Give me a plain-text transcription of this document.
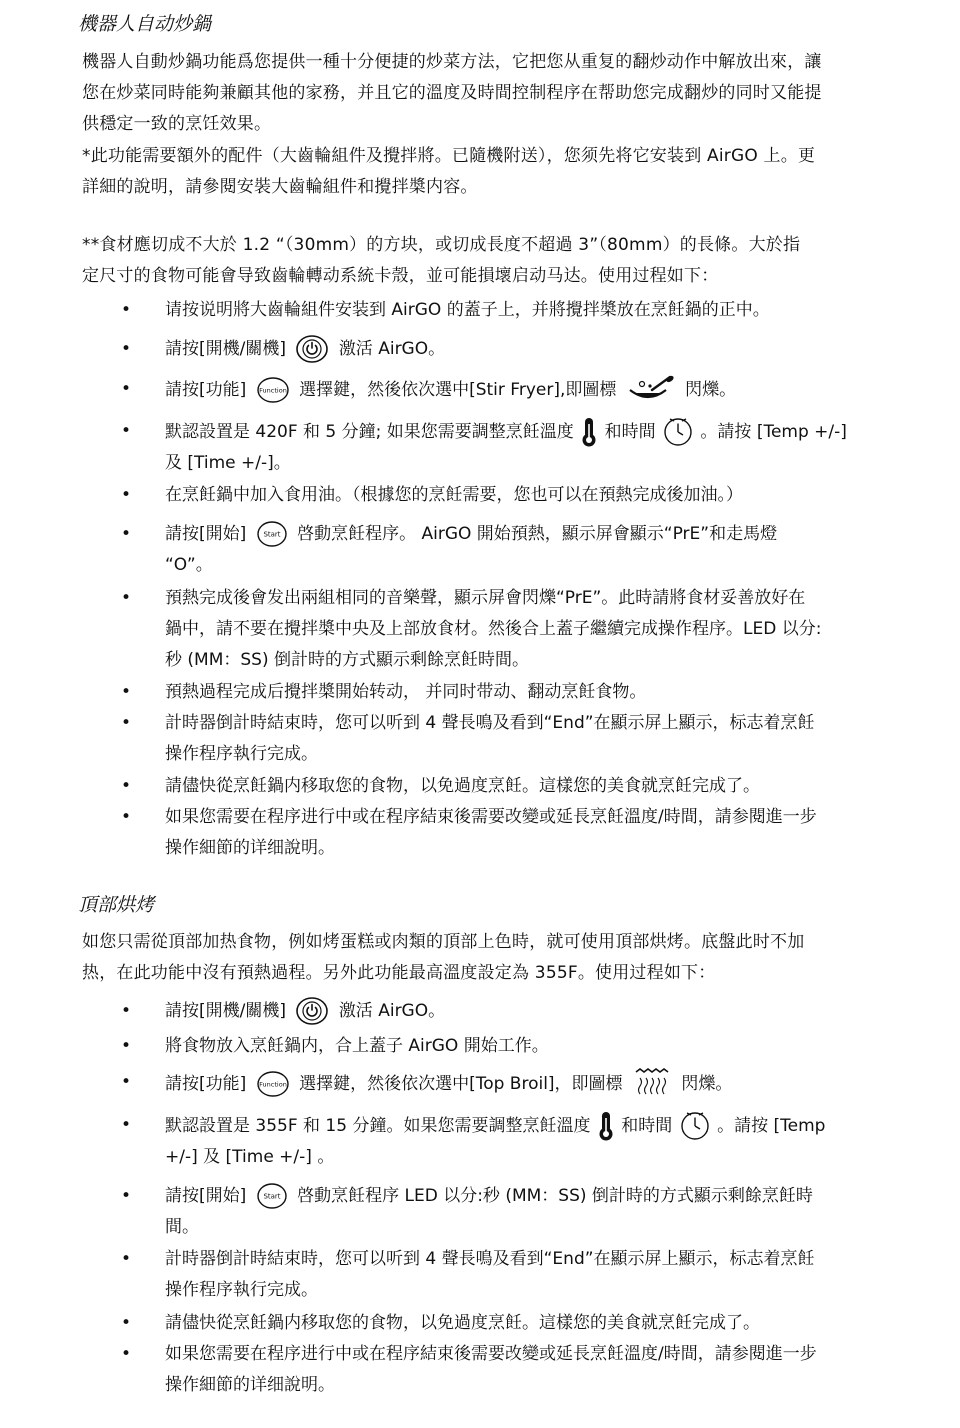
機器人自动炒鍋

機器人自動炒鍋功能爲您提供一種十分便捷的炒菜方法，它把您从重复的翻炒动作中解放出來，讓

您在炒菜同時能夠兼顧其他的家務，并且它的溫度及時間控制程序在帮助您完成翻炒的同时又能提

供穩定一致的烹饪效果。

*此功能需要額外的配件（大齒輪組件及攪拌將。已隨機附送），您须先将它安装到 AirGO 上。更

詳細的說明，請參閱安裝大齒輪組件和攪拌槳内容。

**食材應切成不大於 1.2 “（30mm）的方块，或切成長度不超過 3”（80mm）的長條。大於指

定尺寸的食物可能會导致齒輪轉动系統卡殼，並可能損壞启动马达。使用过程如下：

• 请按说明將大齒輪組件安装到 AirGO 的蓋子上，并將攪拌槳放在烹飪鍋的正中。
• 請按[開機/關機]	激活 AirGO。
• 請按[功能] Function 選擇鍵，然後依次選中[Stir Fryer],即圖標	閃爍。
• 默認設置是 420F 和 5 分鐘; 如果您需要調整烹飪溫度 和時間	。請按 [Temp +/-]
及 [Time +/-]。
• 在烹飪鍋中加入食用油。（根據您的烹飪需要，您也可以在預熱完成後加油。）
• 請按[開始] Start 啓動烹飪程序。 AirGO 開始預熱，顯示屏會顯示“PrE”和走馬燈
“O”。
• 預熱完成後會发出兩組相同的音樂聲，顯示屏會閃爍“PrE”。此時請將食材妥善放好在
鍋中，請不要在攪拌槳中央及上部放食材。然後合上蓋子繼續完成操作程序。LED 以分:
秒 (MM：SS) 倒計時的方式顯示剩餘烹飪時間。
• 預熱過程完成后攪拌槳開始转动， 并同时带动、翻动烹飪食物。
• 計時器倒計時結束時，您可以听到 4 聲長鳴及看到“End”在顯示屏上顯示，标志着烹飪
操作程序執行完成。
• 請儘快從烹飪鍋内移取您的食物，以免過度烹飪。這樣您的美食就烹飪完成了。
• 如果您需要在程序进行中或在程序結束後需要改變或延長烹飪溫度/時間，請参閱進一步
操作細節的详细說明。
頂部烘烤

如您只需從頂部加热食物，例如烤蛋糕或肉類的頂部上色時，就可使用頂部烘烤。底盤此时不加

热，在此功能中沒有預熱過程。另外此功能最高溫度設定為 355F。使用过程如下：

• 請按[開機/關機]	激活 AirGO。
• 將食物放入烹飪鍋内，合上蓋子 AirGO 開始工作。
• 請按[功能] Function 選擇鍵，然後依次選中[Top Broil]，即圖標	閃爍。
• 默認設置是 355F 和 15 分鐘。如果您需要調整烹飪溫度 和時間	。請按 [Temp
+/-] 及 [Time +/-] 。
• 請按[開始] Start 啓動烹飪程序 LED 以分:秒 (MM：SS) 倒計時的方式顯示剩餘烹飪時
間。
• 計時器倒計時結束時，您可以听到 4 聲長鳴及看到“End”在顯示屏上顯示，标志着烹飪
操作程序執行完成。
• 請儘快從烹飪鍋内移取您的食物，以免過度烹飪。這樣您的美食就烹飪完成了。
• 如果您需要在程序进行中或在程序結束後需要改變或延長烹飪溫度/時間，請参閱進一步
操作細節的详细說明。
